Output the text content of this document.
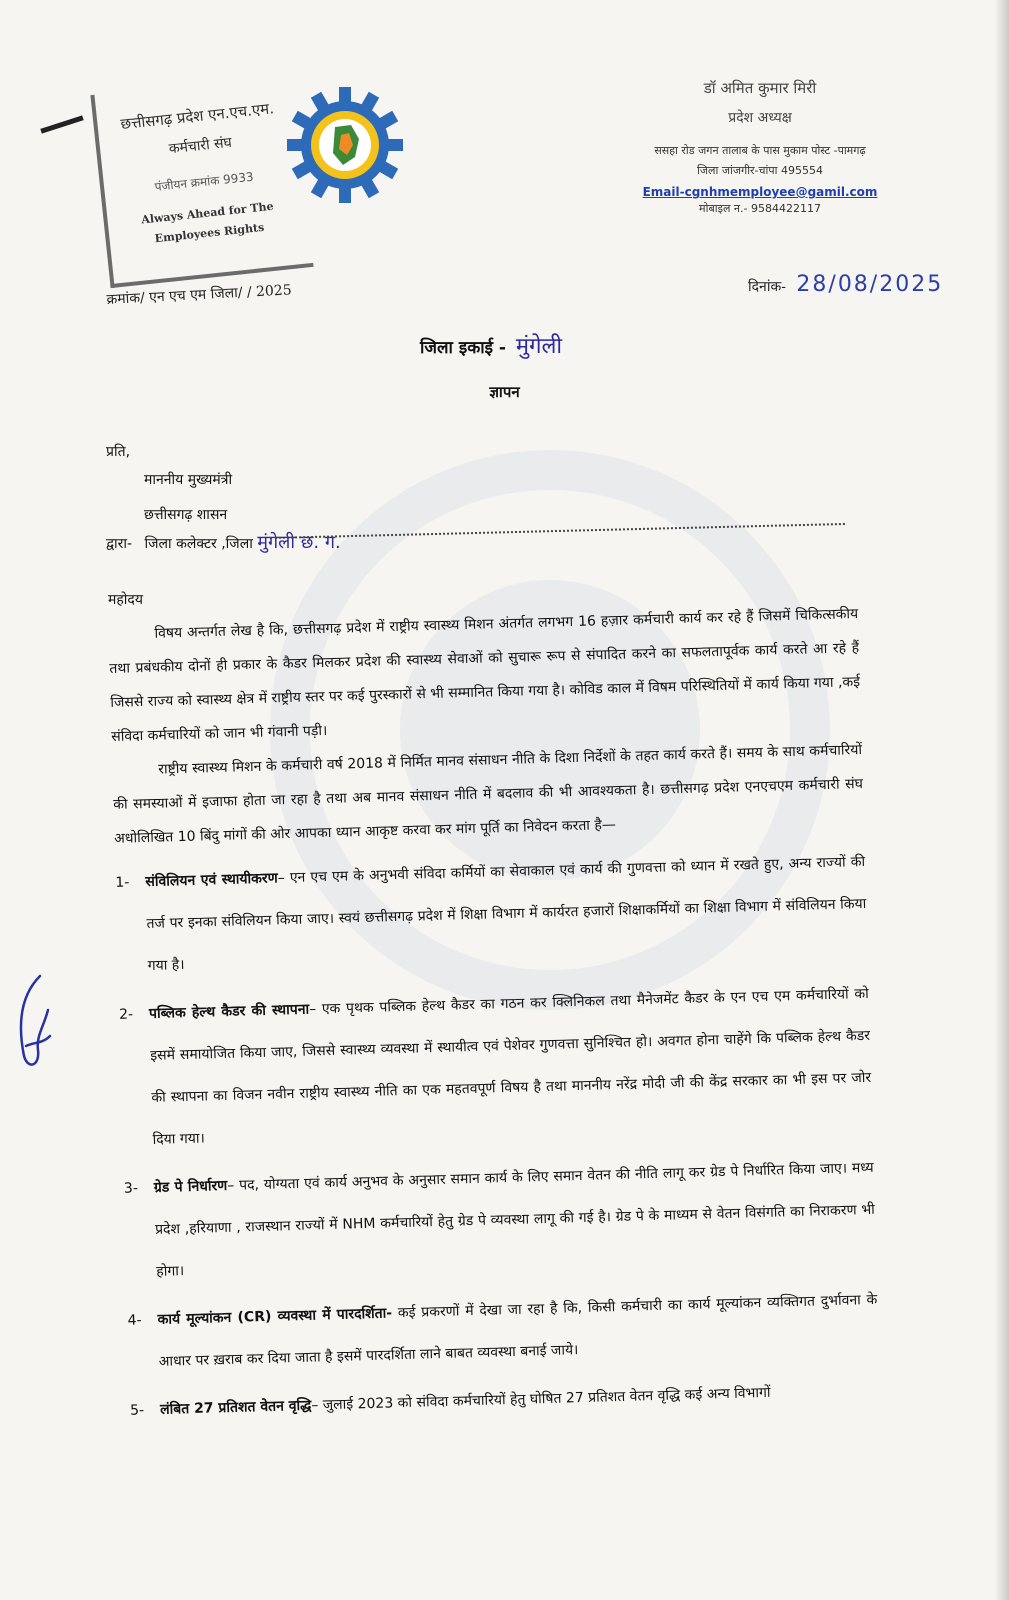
छत्तीसगढ़ प्रदेश एन.एच.एम.
कर्मचारी संघ
पंजीयन क्रमांक 9933
Always Ahead for The
Employees Rights
डॉ अमित कुमार मिरी
प्रदेश अध्यक्ष
ससहा रोड जगन तालाब के पास मुकाम पोस्ट -पामगढ़
जिला जांजगीर-चांपा 495554
Email-cgnhmemployee@gamil.com
मोबाइल न.- 9584422117
क्रमांक/ एन एच एम जिला/ / 2025	दिनांक- 28/08/2025
जिला इकाई - मुंगेली
ज्ञापन
प्रति,
माननीय मुख्यमंत्री
छत्तीसगढ़ शासन
द्वारा- जिला कलेक्टर ,जिला मुंगेली छ. ग.
महोदय

विषय अन्तर्गत लेख है कि, छत्तीसगढ़ प्रदेश में राष्ट्रीय स्वास्थ्य मिशन अंतर्गत लगभग 16 हज़ार कर्मचारी कार्य कर रहे हैं जिसमें चिकित्सकीय तथा प्रबंधकीय दोनों ही प्रकार के कैडर मिलकर प्रदेश की स्वास्थ्य सेवाओं को सुचारू रूप से संपादित करने का सफलतापूर्वक कार्य करते आ रहे हैं जिससे राज्य को स्वास्थ्य क्षेत्र में राष्ट्रीय स्तर पर कई पुरस्कारों से भी सम्मानित किया गया है। कोविड काल में विषम परिस्थितियों में कार्य किया गया ,कई संविदा कर्मचारियों को जान भी गंवानी पड़ी।

राष्ट्रीय स्वास्थ्य मिशन के कर्मचारी वर्ष 2018 में निर्मित मानव संसाधन नीति के दिशा निर्देशों के तहत कार्य करते हैं। समय के साथ कर्मचारियों की समस्याओं में इजाफा होता जा रहा है तथा अब मानव संसाधन नीति में बदलाव की भी आवश्यकता है। छत्तीसगढ़ प्रदेश एनएचएम कर्मचारी संघ अधोलिखित 10 बिंदु मांगों की ओर आपका ध्यान आकृष्ट करवा कर मांग पूर्ति का निवेदन करता है—

1-	संविलियन एवं स्थायीकरण– एन एच एम के अनुभवी संविदा कर्मियों का सेवाकाल एवं कार्य की गुणवत्ता को ध्यान में रखते हुए, अन्य राज्यों की तर्ज पर इनका संविलियन किया जाए। स्वयं छत्तीसगढ़ प्रदेश में शिक्षा विभाग में कार्यरत हजारों शिक्षाकर्मियों का शिक्षा विभाग में संविलियन किया गया है।
2-	पब्लिक हेल्थ कैडर की स्थापना– एक पृथक पब्लिक हेल्थ कैडर का गठन कर क्लिनिकल तथा मैनेजमेंट कैडर के एन एच एम कर्मचारियों को इसमें समायोजित किया जाए, जिससे स्वास्थ्य व्यवस्था में स्थायीत्व एवं पेशेवर गुणवत्ता सुनिश्चित हो। अवगत होना चाहेंगे कि पब्लिक हेल्थ कैडर की स्थापना का विजन नवीन राष्ट्रीय स्वास्थ्य नीति का एक महतवपूर्ण विषय है तथा माननीय नरेंद्र मोदी जी की केंद्र सरकार का भी इस पर जोर दिया गया।
3-	ग्रेड पे निर्धारण– पद, योग्यता एवं कार्य अनुभव के अनुसार समान कार्य के लिए समान वेतन की नीति लागू कर ग्रेड पे निर्धारित किया जाए। मध्य प्रदेश ,हरियाणा , राजस्थान राज्यों में NHM कर्मचारियों हेतु ग्रेड पे व्यवस्था लागू की गई है। ग्रेड पे के माध्यम से वेतन विसंगति का निराकरण भी होगा।
4-	कार्य मूल्यांकन (CR) व्यवस्था में पारदर्शिता- कई प्रकरणों में देखा जा रहा है कि, किसी कर्मचारी का कार्य मूल्यांकन व्यक्तिगत दुर्भावना के आधार पर ख़राब कर दिया जाता है इसमें पारदर्शिता लाने बाबत व्यवस्था बनाई जाये।
5-	लंबित 27 प्रतिशत वेतन वृद्धि– जुलाई 2023 को संविदा कर्मचारियों हेतु घोषित 27 प्रतिशत वेतन वृद्धि कई अन्य विभागों
